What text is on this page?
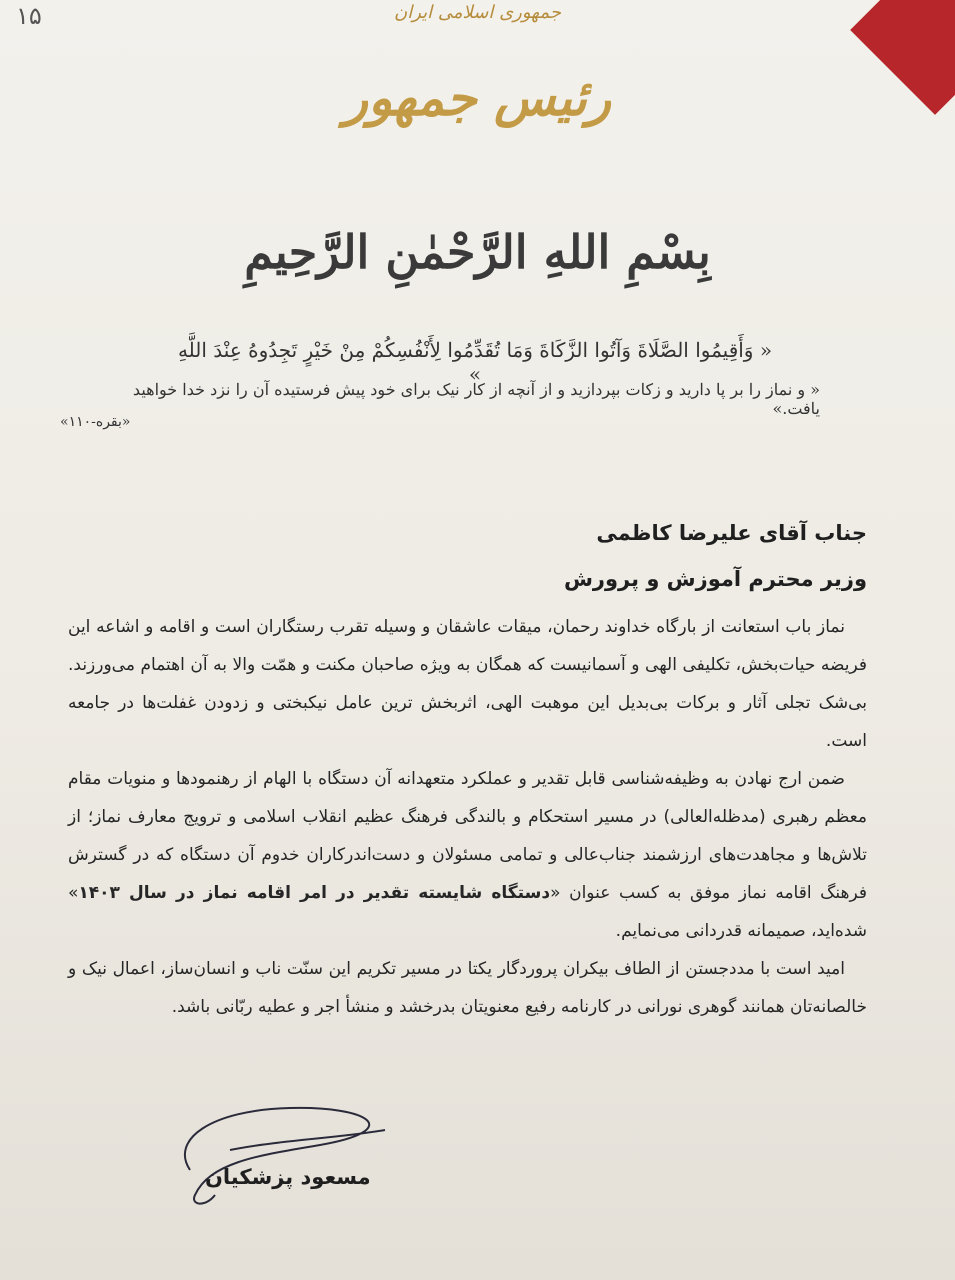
۱۵	جمهوری اسلامی ایران
رئیس جمهور
بِسْمِ اللهِ الرَّحْمٰنِ الرَّحِيمِ
« وَأَقِيمُوا الصَّلَاةَ وَآتُوا الزَّكَاةَ وَمَا تُقَدِّمُوا لِأَنْفُسِكُمْ مِنْ خَيْرٍ تَجِدُوهُ عِنْدَ اللَّهِ »
« و نماز را بر پا دارید و زکات بپردازید و از آنچه از کار نیک برای خود پیش فرستیده آن را نزد خدا خواهید یافت.»
«بقره-۱۱۰»
جناب آقای علیرضا کاظمی
وزیر محترم آموزش و پرورش

نماز باب استعانت از بارگاه خداوند رحمان، میقات عاشقان و وسیله تقرب رستگاران است و اقامه و اشاعه این فریضه حیات‌بخش، تکلیفی الهی و آسمانیست که همگان به ویژه صاحبان مکنت و همّت والا به آن اهتمام می‌ورزند. بی‌شک تجلی آثار و برکات بی‌بدیل این موهبت الهی، اثربخش ترین عامل نیکبختی و زدودن غفلت‌ها در جامعه است.

ضمن ارج نهادن به وظیفه‌شناسی قابل تقدیر و عملکرد متعهدانه آن دستگاه با الهام از رهنمودها و منویات مقام معظم رهبری (مدظله‌العالی) در مسیر استحکام و بالندگی فرهنگ عظیم انقلاب اسلامی و ترویج معارف نماز؛ از تلاش‌ها و مجاهدت‌های ارزشمند جناب‌عالی و تمامی مسئولان و دست‌اندرکاران خدوم آن دستگاه که در گسترش فرهنگ اقامه نماز موفق به کسب عنوان «دستگاه شایسته تقدیر در امر اقامه نماز در سال ۱۴۰۳» شده‌اید، صمیمانه قدردانی می‌نمایم.

امید است با مددجستن از الطاف بیکران پروردگار یکتا در مسیر تکریم این سنّت ناب و انسان‌ساز، اعمال نیک و خالصانه‌تان همانند گوهری نورانی در کارنامه رفیع معنویتان بدرخشد و منشأ اجر و عطیه ربّانی باشد.

مسعود پزشکیان
